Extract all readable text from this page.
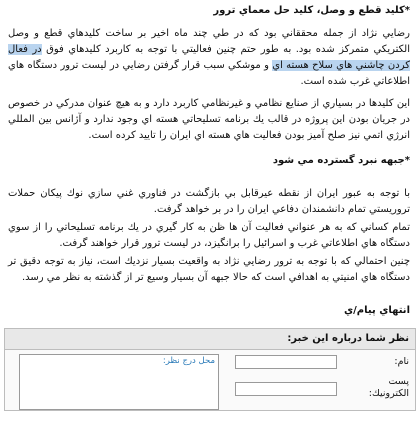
*كليد قطع و وصل، كليد حل معماي ترور

رضايي نژاد از جمله محققاني بود كه در طي چند ماه اخير بر ساخت كليدهاي قطع و وصل الكتريكي متمركز شده بود. به طور حتم چنين فعاليتي با توجه به كاربرد كليدهاي فوق در فعال كردن چاشني هاي سلاح هسته اي و موشكي سبب قرار گرفتن رضايي در ليست ترور دستگاه هاي اطلاعاتي غرب شده است.

اين كليدها در بسياري از صنايع نظامي و غيرنظامي كاربرد دارد و به هيچ عنوان مدركي در خصوص در جريان بودن اين پروژه در قالب يك برنامه تسليحاتي هسته اي وجود ندارد و آژانس بين المللي انرژي اتمي نيز صلح آميز بودن فعاليت هاي هسته اي ايران را تاييد كرده است.

*جبهه نبرد گسترده مي شود

با توجه به عبور ايران از نقطه عيرقابل بي بازگشت در فناوري غني سازي نوك پيكان حملات تروريستي تمام دانشمندان دفاعي ايران را در بر خواهد گرفت.

تمام كساني كه به هر عنواني فعاليت آن ها ظن به كار گيري در يك برنامه تسليحاتي را از سوي دستگاه هاي اطلاعاتي غرب و اسرائيل را برانگيزد، در ليست ترور قرار خواهند گرفت.

چنين احتمالي كه با توجه به ترور رضايي نژاد به واقعيت بسيار نزديك است، نياز به توجه دقيق تر دستگاه هاي امنيتي به اهدافي است كه حالا جبهه آن بسيار وسيع تر از گذشته به نظر مي رسد.

انتهاي پيام/ي

نظر شما درباره اين خبر:
نام:
پست
الكترونيك:
محل درج نظر:
